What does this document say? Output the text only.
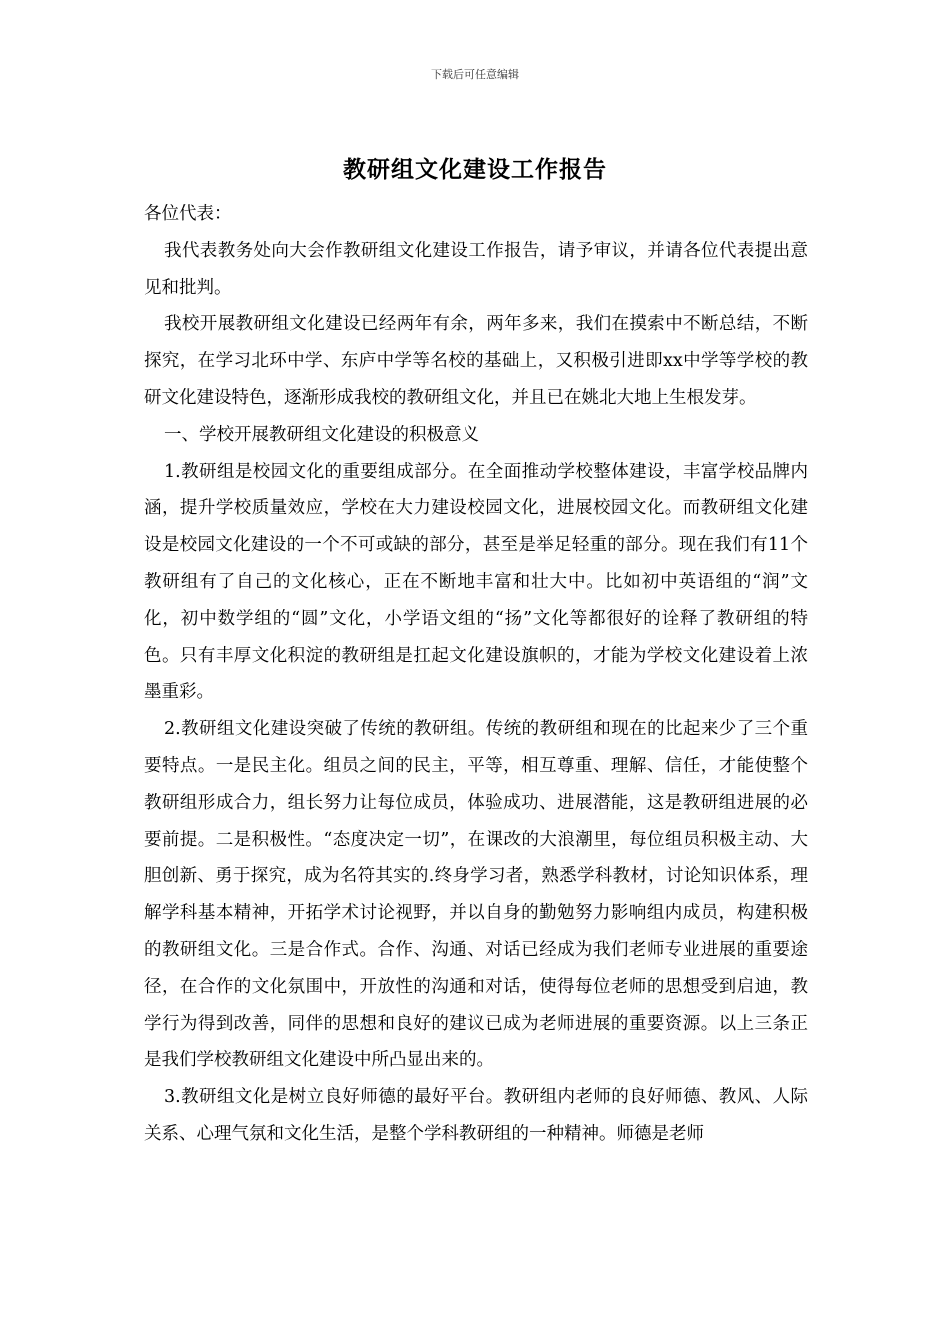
下载后可任意编辑
教研组文化建设工作报告

各位代表：

我代表教务处向大会作教研组文化建设工作报告，请予审议，并请各位代表提出意见和批判。

我校开展教研组文化建设已经两年有余，两年多来，我们在摸索中不断总结，不断探究，在学习北环中学、东庐中学等名校的基础上，又积极引进即xx中学等学校的教研文化建设特色，逐渐形成我校的教研组文化，并且已在姚北大地上生根发芽。

一、学校开展教研组文化建设的积极意义

1.教研组是校园文化的重要组成部分。在全面推动学校整体建设，丰富学校品牌内涵，提升学校质量效应，学校在大力建设校园文化，进展校园文化。而教研组文化建设是校园文化建设的一个不可或缺的部分，甚至是举足轻重的部分。现在我们有11个教研组有了自己的文化核心，正在不断地丰富和壮大中。比如初中英语组的“润”文化，初中数学组的“圆”文化，小学语文组的“扬”文化等都很好的诠释了教研组的特色。只有丰厚文化积淀的教研组是扛起文化建设旗帜的，才能为学校文化建设着上浓墨重彩。

2.教研组文化建设突破了传统的教研组。传统的教研组和现在的比起来少了三个重要特点。一是民主化。组员之间的民主，平等，相互尊重、理解、信任，才能使整个教研组形成合力，组长努力让每位成员，体验成功、进展潜能，这是教研组进展的必要前提。二是积极性。“态度决定一切”，在课改的大浪潮里，每位组员积极主动、大胆创新、勇于探究，成为名符其实的.终身学习者，熟悉学科教材，讨论知识体系，理解学科基本精神，开拓学术讨论视野，并以自身的勤勉努力影响组内成员，构建积极的教研组文化。三是合作式。合作、沟通、对话已经成为我们老师专业进展的重要途径，在合作的文化氛围中，开放性的沟通和对话，使得每位老师的思想受到启迪，教学行为得到改善，同伴的思想和良好的建议已成为老师进展的重要资源。以上三条正是我们学校教研组文化建设中所凸显出来的。

3.教研组文化是树立良好师德的最好平台。教研组内老师的良好师德、教风、人际关系、心理气氛和文化生活，是整个学科教研组的一种精神。师德是老师
